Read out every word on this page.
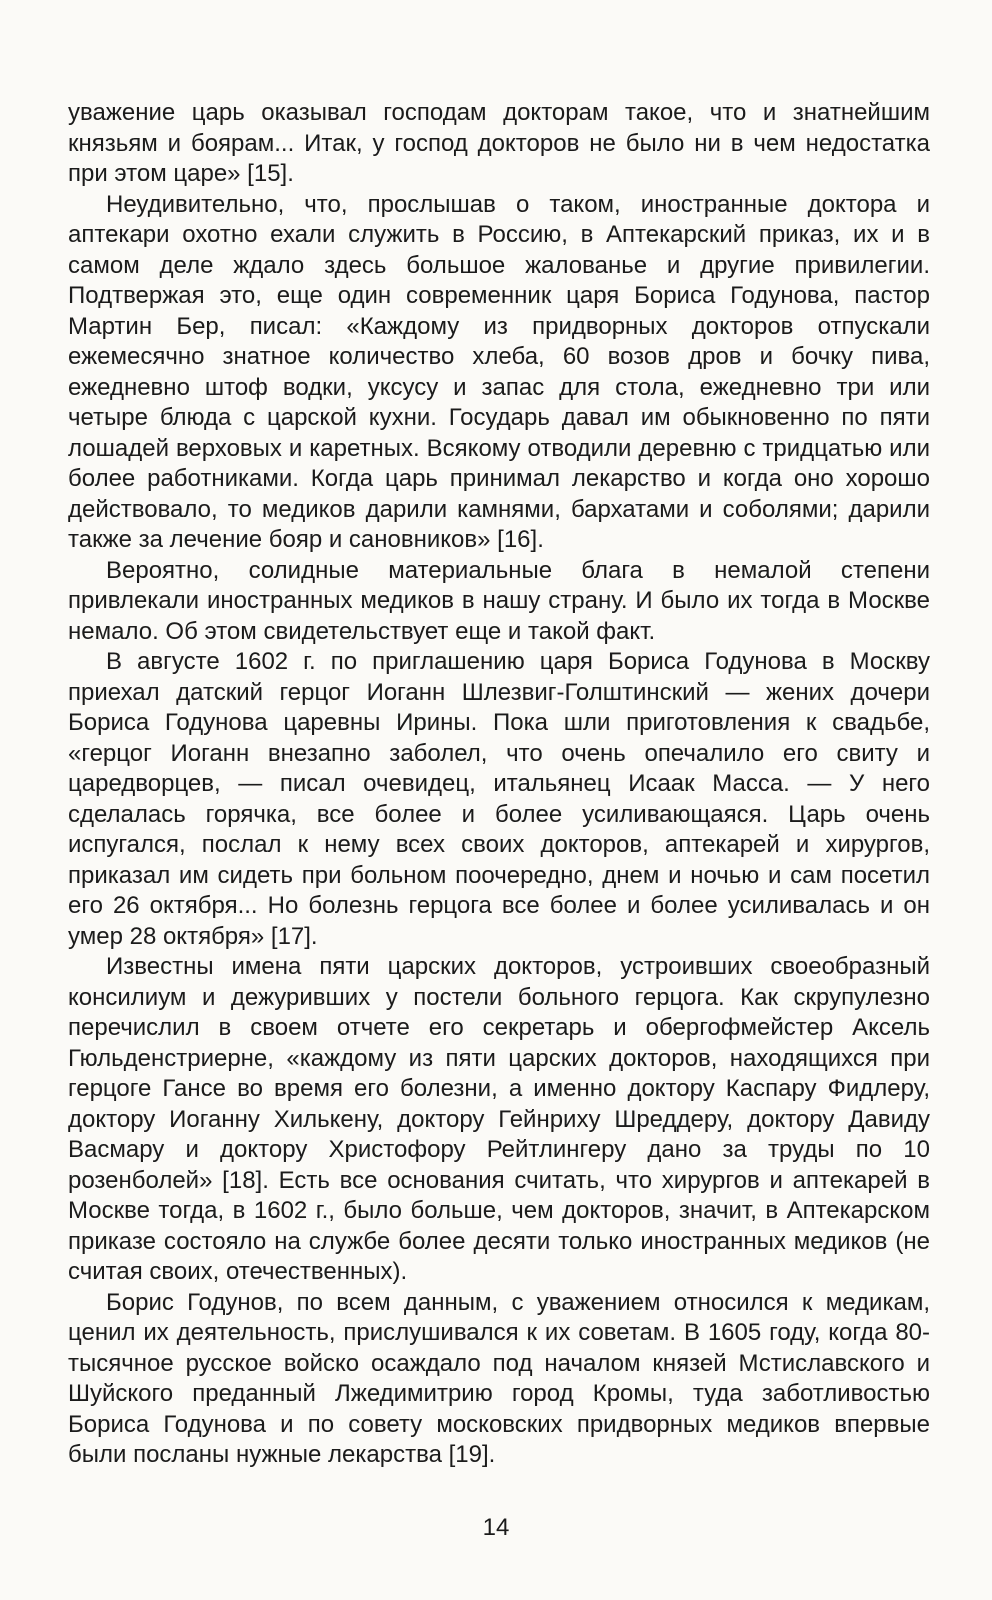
уважение царь оказывал господам докторам такое, что и знатнейшим князьям и боярам... Итак, у господ докторов не было ни в чем недостатка при этом царе» [15].

Неудивительно, что, прослышав о таком, иностранные доктора и аптекари охотно ехали служить в Россию, в Аптекарский приказ, их и в самом деле ждало здесь большое жалованье и другие привилегии. Подтвержая это, еще один современник царя Бориса Годунова, пастор Мартин Бер, писал: «Каждому из придворных докторов отпускали ежемесячно знатное количество хлеба, 60 возов дров и бочку пива, ежедневно штоф водки, уксусу и запас для стола, ежедневно три или четыре блюда с царской кухни. Государь давал им обыкновенно по пяти лошадей верховых и каретных. Всякому отводили деревню с тридцатью или более работниками. Когда царь принимал лекарство и когда оно хорошо действовало, то медиков дарили камнями, бархатами и соболями; дарили также за лечение бояр и сановников» [16].

Вероятно, солидные материальные блага в немалой степени привлекали иностранных медиков в нашу страну. И было их тогда в Москве немало. Об этом свидетельствует еще и такой факт.

В августе 1602 г. по приглашению царя Бориса Годунова в Москву приехал датский герцог Иоганн Шлезвиг-Голштинский — жених дочери Бориса Годунова царевны Ирины. Пока шли приготовления к свадьбе, «герцог Иоганн внезапно заболел, что очень опечалило его свиту и царедворцев, — писал очевидец, итальянец Исаак Масса. — У него сделалась горячка, все более и более усиливающаяся. Царь очень испугался, послал к нему всех своих докторов, аптекарей и хирургов, приказал им сидеть при больном поочередно, днем и ночью и сам посетил его 26 октября... Но болезнь герцога все более и более усиливалась и он умер 28 октября» [17].

Известны имена пяти царских докторов, устроивших своеобразный консилиум и дежуривших у постели больного герцога. Как скрупулезно перечислил в своем отчете его секретарь и обергофмейстер Аксель Гюльденстриерне, «каждому из пяти царских докторов, находящихся при герцоге Гансе во время его болезни, а именно доктору Каспару Фидлеру, доктору Иоганну Хилькену, доктору Гейнриху Шреддеру, доктору Давиду Васмару и доктору Христофору Рейтлингеру дано за труды по 10 розенболей» [18]. Есть все основания считать, что хирургов и аптекарей в Москве тогда, в 1602 г., было больше, чем докторов, значит, в Аптекарском приказе состояло на службе более десяти только иностранных медиков (не считая своих, отечественных).

Борис Годунов, по всем данным, с уважением относился к медикам, ценил их деятельность, прислушивался к их советам. В 1605 году, когда 80-тысячное русское войско осаждало под началом князей Мстиславского и Шуйского преданный Лжедимитрию город Кромы, туда заботливостью Бориса Годунова и по совету московских придворных медиков впервые были посланы нужные лекарства [19].

14
